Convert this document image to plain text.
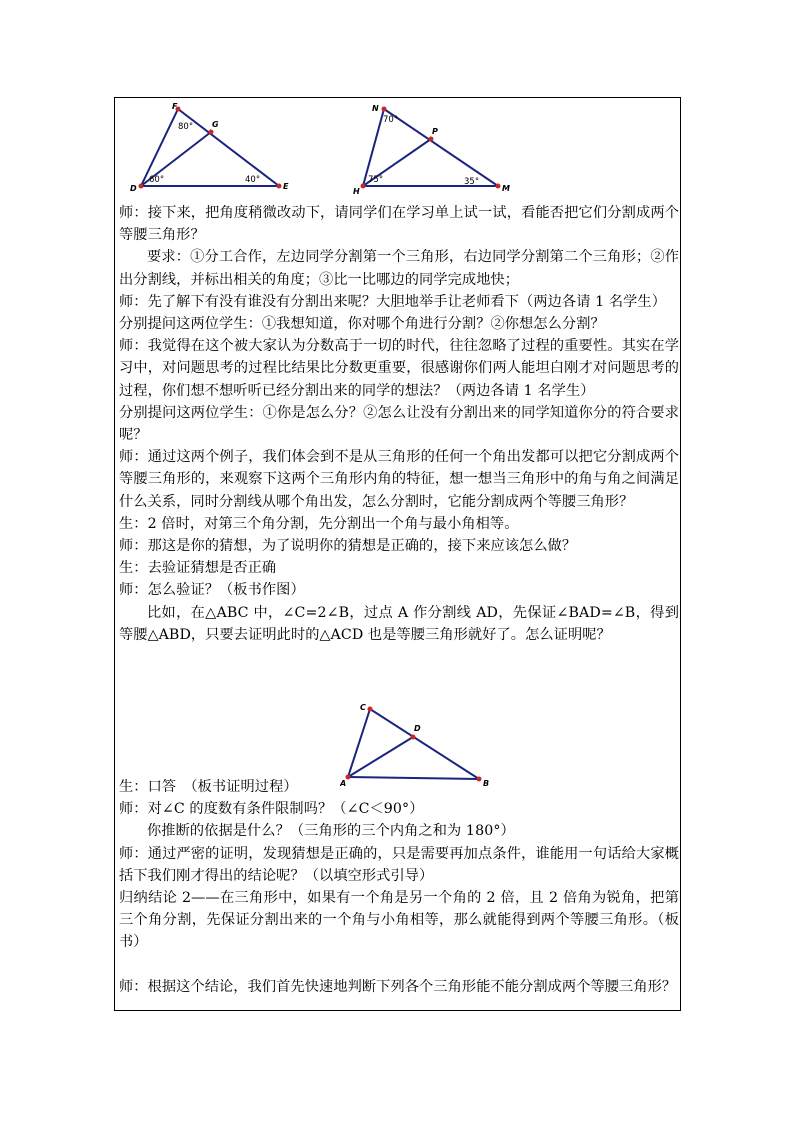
F
G
D	E
80°
60°	40°
N
P
H	M
70°
75°	35°

师：接下来，把角度稍微改动下，请同学们在学习单上试一试，看能否把它们分割成两个等腰三角形？

要求：①分工合作，左边同学分割第一个三角形，右边同学分割第二个三角形；②作出分割线，并标出相关的角度；③比一比哪边的同学完成地快；

师：先了解下有没有谁没有分割出来呢？大胆地举手让老师看下（两边各请 1 名学生）

分别提问这两位学生：①我想知道，你对哪个角进行分割？②你想怎么分割？

师：我觉得在这个被大家认为分数高于一切的时代，往往忽略了过程的重要性。其实在学习中，对问题思考的过程比结果比分数更重要，很感谢你们两人能坦白刚才对问题思考的过程，你们想不想听听已经分割出来的同学的想法？（两边各请 1 名学生）

分别提问这两位学生：①你是怎么分？②怎么让没有分割出来的同学知道你分的符合要求呢？

师：通过这两个例子，我们体会到不是从三角形的任何一个角出发都可以把它分割成两个等腰三角形的，来观察下这两个三角形内角的特征，想一想当三角形中的角与角之间满足什么关系，同时分割线从哪个角出发，怎么分割时，它能分割成两个等腰三角形？

生：2 倍时，对第三个角分割，先分割出一个角与最小角相等。

师：那这是你的猜想，为了说明你的猜想是正确的，接下来应该怎么做？

生：去验证猜想是否正确

师：怎么验证？（板书作图）

比如，在△ABC 中，∠C=2∠B，过点 A 作分割线 AD，先保证∠BAD=∠B，得到等腰△ABD，只要去证明此时的△ACD 也是等腰三角形就好了。怎么证明呢？

C
D
A	B

生：口答　（板书证明过程）

师：对∠C 的度数有条件限制吗？（∠C＜90°）

你推断的依据是什么？（三角形的三个内角之和为 180°）

师：通过严密的证明，发现猜想是正确的，只是需要再加点条件，谁能用一句话给大家概括下我们刚才得出的结论呢？（以填空形式引导）

归纳结论 2——在三角形中，如果有一个角是另一个角的 2 倍，且 2 倍角为锐角，把第三个角分割，先保证分割出来的一个角与小角相等，那么就能得到两个等腰三角形。（板书）

师：根据这个结论，我们首先快速地判断下列各个三角形能不能分割成两个等腰三角形？
